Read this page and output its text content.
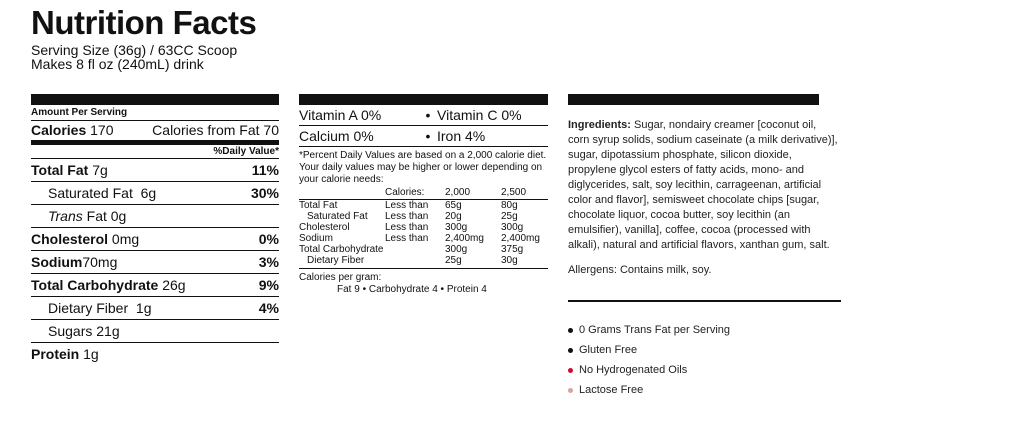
Nutrition Facts
Serving Size (36g) / 63CC Scoop
Makes 8 fl oz (240mL) drink
Amount Per Serving
Calories 170	Calories from Fat 70
%Daily Value*
Total Fat 7g	11%
Saturated Fat 6g	30%
Trans Fat 0g
Cholesterol 0mg	0%
Sodium70mg	3%
Total Carbohydrate 26g	9%
Dietary Fiber 1g	4%
Sugars 21g
Protein 1g
Vitamin A 0%	• Vitamin C 0%
Calcium 0%	• Iron 4%
*Percent Daily Values are based on a 2,000 calorie diet. Your daily values may be higher or lower depending on your calorie needs:
	Calories:	2,000	2,500
Total Fat	Less than	65g	80g
Saturated Fat	Less than	20g	25g
Cholesterol	Less than	300g	300g
Sodium	Less than	2,400mg	2,400mg
Total Carbohydrate		300g	375g
Dietary Fiber		25g	30g
Calories per gram:
Fat 9 • Carbohydrate 4 • Protein 4
Ingredients: Sugar, nondairy creamer [coconut oil, corn syrup solids, sodium caseinate (a milk derivative)], sugar, dipotassium phosphate, silicon dioxide, propylene glycol esters of fatty acids, mono- and diglycerides, salt, soy lecithin, carrageenan, artificial color and flavor], semisweet chocolate chips [sugar, chocolate liquor, cocoa butter, soy lecithin (an emulsifier), vanilla], coffee, cocoa (processed with alkali), natural and artificial flavors, xanthan gum, salt.
Allergens: Contains milk, soy.
0 Grams Trans Fat per Serving
Gluten Free
No Hydrogenated Oils
Lactose Free
